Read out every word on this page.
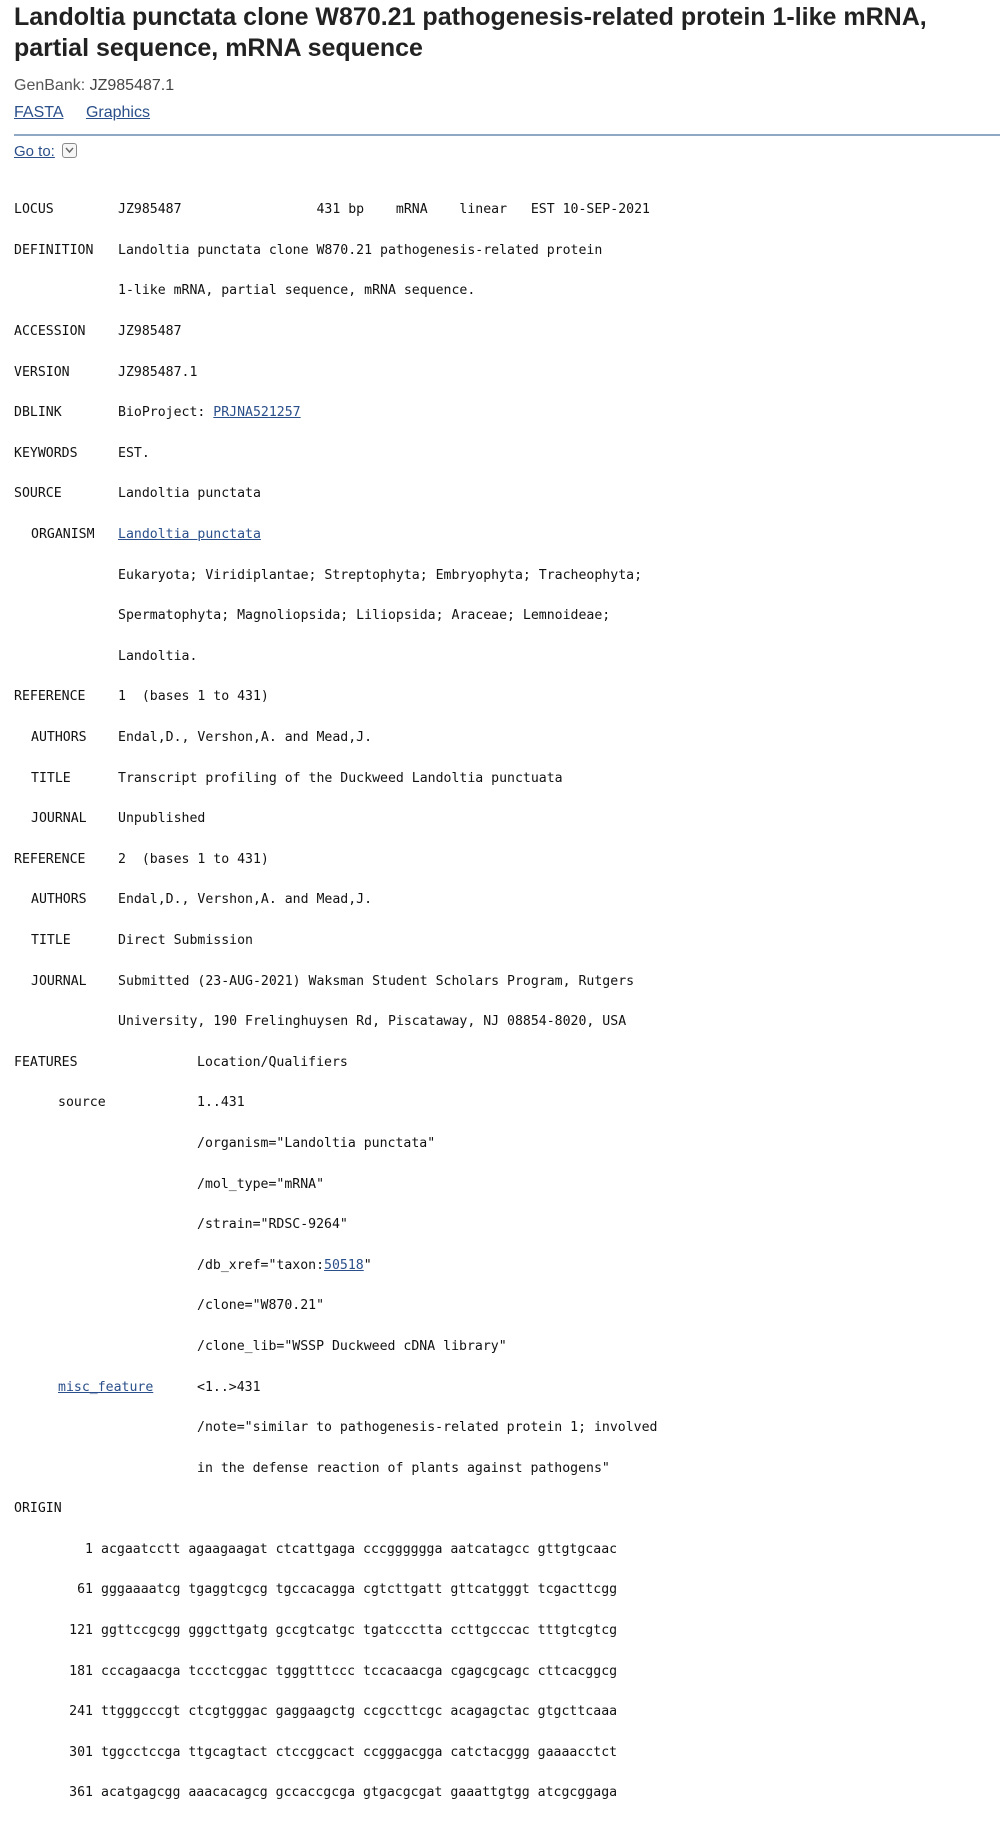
Landoltia punctata clone W870.21 pathogenesis-related protein 1-like mRNA, partial sequence, mRNA sequence
GenBank: JZ985487.1
FASTA Graphics
Go to:

LOCUS	JZ985487                 431 bp    mRNA    linear   EST 10-SEP-2021

DEFINITION Landoltia punctata clone W870.21 pathogenesis-related protein

1-like mRNA, partial sequence, mRNA sequence.

ACCESSION JZ985487

VERSION	JZ985487.1

DBLINK	BioProject: PRJNA521257

KEYWORDS	EST.

SOURCE	Landoltia punctata

ORGANISM Landoltia punctata

Eukaryota; Viridiplantae; Streptophyta; Embryophyta; Tracheophyta;

Spermatophyta; Magnoliopsida; Liliopsida; Araceae; Lemnoideae;

Landoltia.

REFERENCE 1  (bases 1 to 431)

AUTHORS Endal,D., Vershon,A. and Mead,J.

TITLE	Transcript profiling of the Duckweed Landoltia punctuata

JOURNAL Unpublished

REFERENCE 2  (bases 1 to 431)

AUTHORS Endal,D., Vershon,A. and Mead,J.

TITLE	Direct Submission

JOURNAL Submitted (23-AUG-2021) Waksman Student Scholars Program, Rutgers

University, 190 Frelinghuysen Rd, Piscataway, NJ 08854-8020, USA

FEATURES	Location/Qualifiers

source	1..431

/organism="Landoltia punctata"

/mol_type="mRNA"

/strain="RDSC-9264"

/db_xref="taxon:50518"

/clone="W870.21"

/clone_lib="WSSP Duckweed cDNA library"

misc_feature	<1..>431

/note="similar to pathogenesis-related protein 1; involved

in the defense reaction of plants against pathogens"

ORIGIN

1 acgaatcctt agaagaagat ctcattgaga cccgggggga aatcatagcc gttgtgcaac

61 gggaaaatcg tgaggtcgcg tgccacagga cgtcttgatt gttcatgggt tcgacttcgg

121 ggttccgcgg gggcttgatg gccgtcatgc tgatccctta ccttgcccac tttgtcgtcg

181 cccagaacga tccctcggac tgggtttccc tccacaacga cgagcgcagc cttcacggcg

241 ttgggcccgt ctcgtgggac gaggaagctg ccgccttcgc acagagctac gtgcttcaaa

301 tggcctccga ttgcagtact ctccggcact ccgggacgga catctacggg gaaaacctct

361 acatgagcgg aaacacagcg gccaccgcga gtgacgcgat gaaattgtgg atcgcggaga
